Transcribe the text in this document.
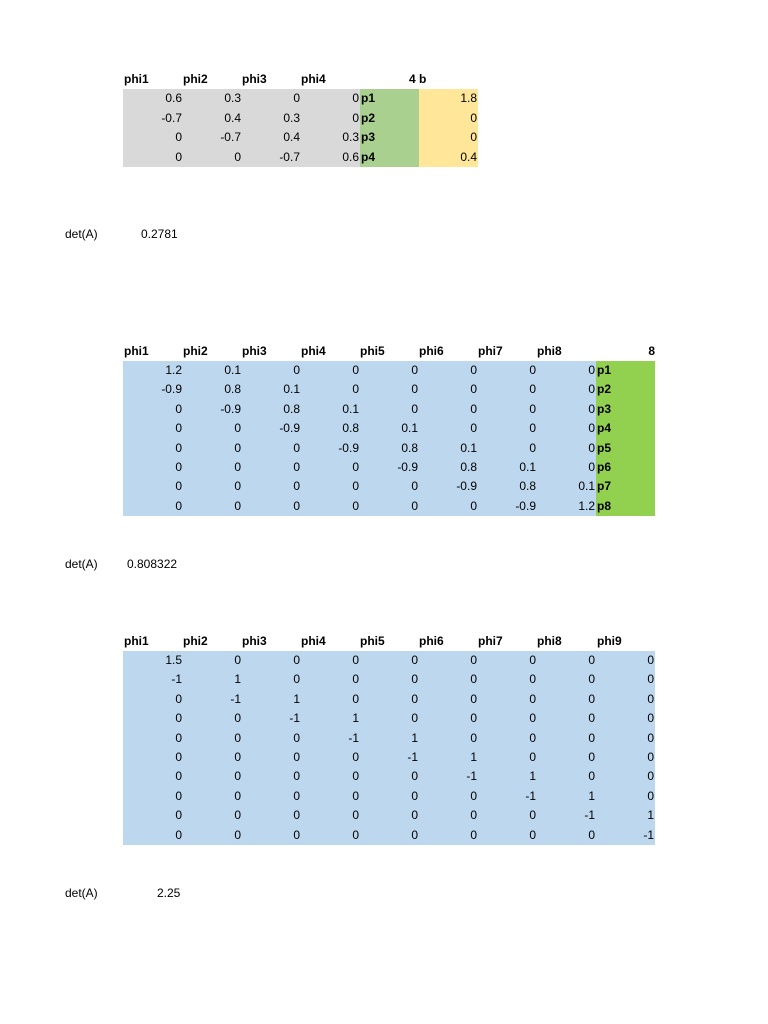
phi1	phi2	phi3	phi4	4 b
0.6	0.3	0	0 p1	1.8
-0.7	0.4	0.3	0 p2	0
0	-0.7	0.4	0.3 p3	0
0	0	-0.7	0.6 p4	0.4
det(A)	0.2781
phi1	phi2	phi3	phi4	phi5	phi6	phi7	phi8	8
1.2	0.1	0	0	0	0	0	0 p1
-0.9	0.8	0.1	0	0	0	0	0 p2
0	-0.9	0.8	0.1	0	0	0	0 p3
0	0	-0.9	0.8	0.1	0	0	0 p4
0	0	0	-0.9	0.8	0.1	0	0 p5
0	0	0	0	-0.9	0.8	0.1	0 p6
0	0	0	0	0	-0.9	0.8	0.1 p7
0	0	0	0	0	0	-0.9	1.2 p8
det(A) 0.808322
phi1	phi2	phi3	phi4	phi5	phi6	phi7	phi8	phi9
1.5	0	0	0	0	0	0	0	0
-1	1	0	0	0	0	0	0	0
0	-1	1	0	0	0	0	0	0
0	0	-1	1	0	0	0	0	0
0	0	0	-1	1	0	0	0	0
0	0	0	0	-1	1	0	0	0
0	0	0	0	0	-1	1	0	0
0	0	0	0	0	0	-1	1	0
0	0	0	0	0	0	0	-1	1
0	0	0	0	0	0	0	0	-1
det(A)	2.25
